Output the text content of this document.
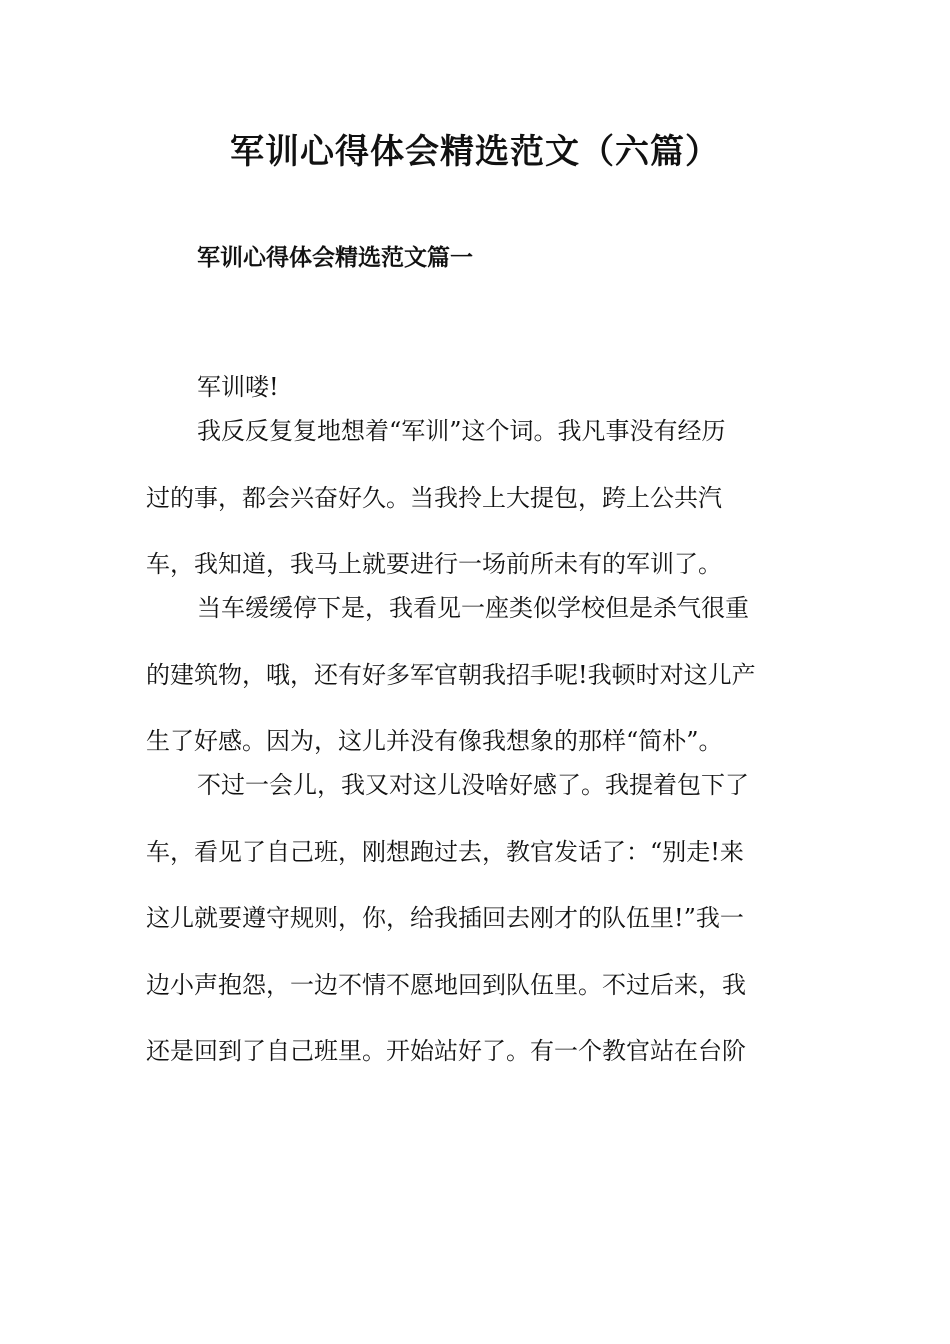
军训心得体会精选范文（六篇）
军训心得体会精选范文篇一
军训喽!
我反反复复地想着“军训”这个词。我凡事没有经历
过的事，都会兴奋好久。当我拎上大提包，跨上公共汽
车，我知道，我马上就要进行一场前所未有的军训了。
当车缓缓停下是，我看见一座类似学校但是杀气很重
的建筑物，哦，还有好多军官朝我招手呢!我顿时对这儿产
生了好感。因为，这儿并没有像我想象的那样“简朴”。
不过一会儿，我又对这儿没啥好感了。我提着包下了
车，看见了自己班，刚想跑过去，教官发话了：“别走!来
这儿就要遵守规则，你，给我插回去刚才的队伍里!”我一
边小声抱怨，一边不情不愿地回到队伍里。不过后来，我
还是回到了自己班里。开始站好了。有一个教官站在台阶
